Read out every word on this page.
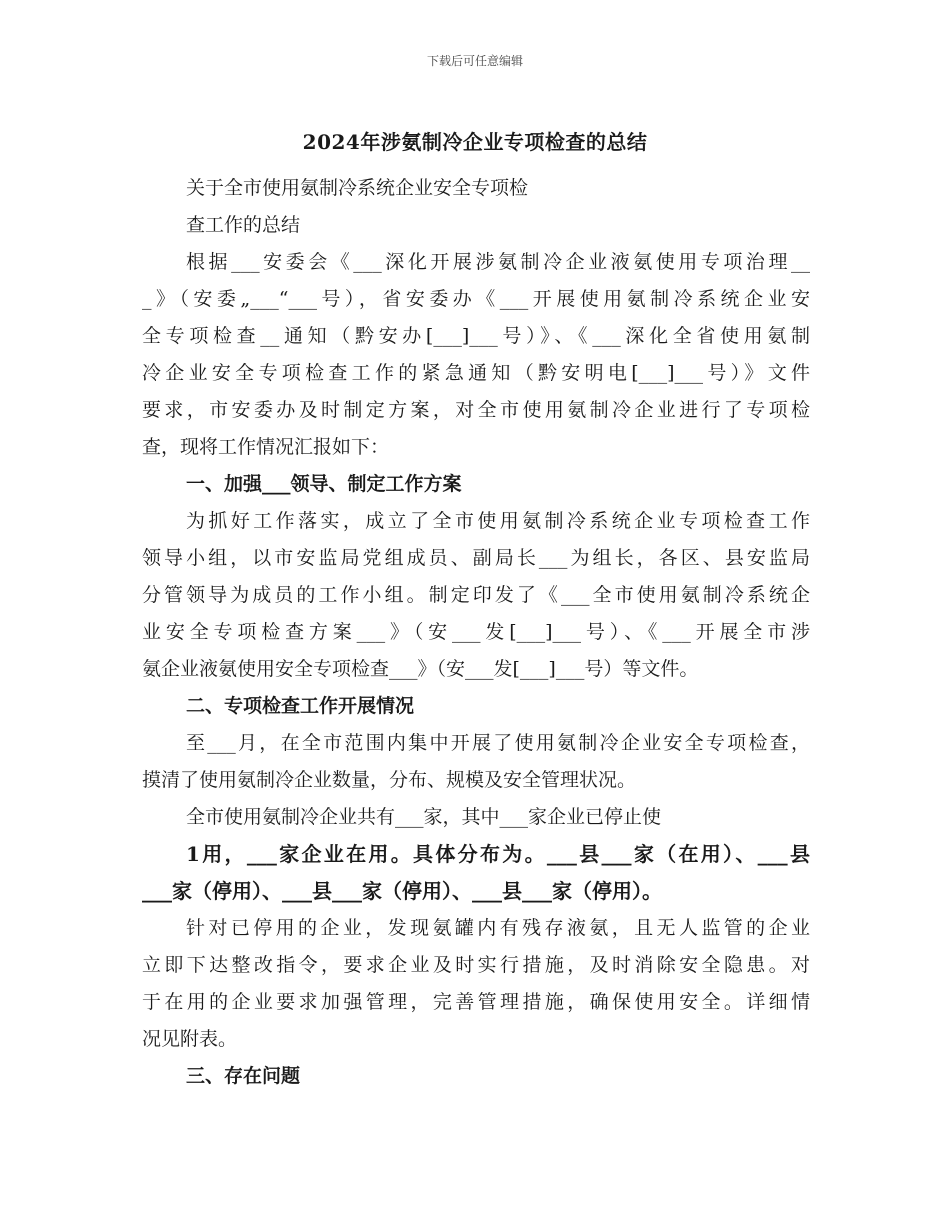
下载后可任意编辑
2024年涉氨制冷企业专项检查的总结
关于全市使用氨制冷系统企业安全专项检
查工作的总结
根据___安委会《___深化开展涉氨制冷企业液氨使用专项治理__
_》（安委„___“___号），省安委办《___开展使用氨制冷系统企业安
全专项检查__通知（黔安办[___]___号）》、《___深化全省使用氨制
冷企业安全专项检查工作的紧急通知（黔安明电[___]___号）》文件
要求，市安委办及时制定方案，对全市使用氨制冷企业进行了专项检
查，现将工作情况汇报如下：
一、加强___领导、制定工作方案
为抓好工作落实，成立了全市使用氨制冷系统企业专项检查工作
领导小组，以市安监局党组成员、副局长___为组长，各区、县安监局
分管领导为成员的工作小组。制定印发了《___全市使用氨制冷系统企
业安全专项检查方案___》（安___发[___]___号）、《___开展全市涉
氨企业液氨使用安全专项检查___》（安___发[___]___号）等文件。
二、专项检查工作开展情况
至___月，在全市范围内集中开展了使用氨制冷企业安全专项检查，
摸清了使用氨制冷企业数量，分布、规模及安全管理状况。
全市使用氨制冷企业共有___家，其中___家企业已停止使
1用，___家企业在用。具体分布为。___县___家（在用）、___县
___家（停用）、___县___家（停用）、___县___家（停用）。
针对已停用的企业，发现氨罐内有残存液氨，且无人监管的企业
立即下达整改指令，要求企业及时实行措施，及时消除安全隐患。对
于在用的企业要求加强管理，完善管理措施，确保使用安全。详细情
况见附表。
三、存在问题
